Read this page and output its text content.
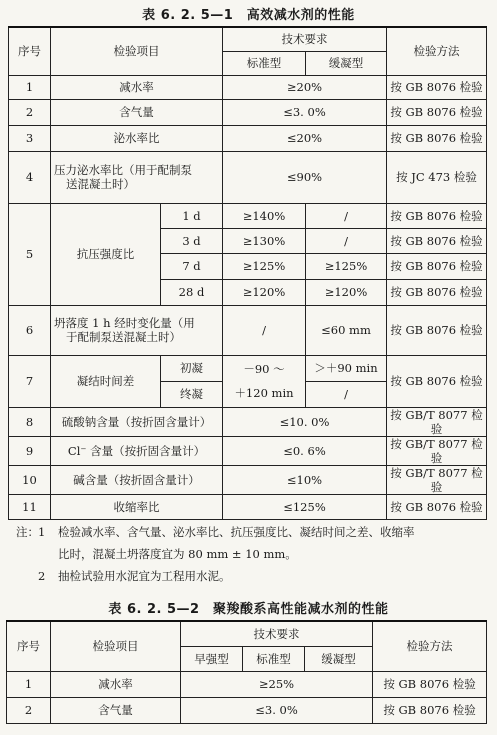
表 6. 2. 5—1　高效减水剂的性能
序号	检验项目		技术要求		检验方法
			标准型	缓凝型	
1	减水率		≥20%		按 GB 8076 检验
2	含气量		≤3. 0%		按 GB 8076 检验
3	泌水率比		≤20%		按 GB 8076 检验
4	压力泌水率比（用于配制泵
送混凝土时）		≤90%		按 JC 473 检验
5	抗压强度比	1 d	≥140%	/	按 GB 8076 检验
		3 d	≥130%	/	按 GB 8076 检验
		7 d	≥125%	≥125%	按 GB 8076 检验
		28 d	≥120%	≥120%	按 GB 8076 检验
6	坍落度 1 h 经时变化量（用
于配制泵送混凝土时）		/	≤60 mm	按 GB 8076 检验
7	凝结时间差	初凝	－90 ～
＋120 min	＞＋90 min	按 GB 8076 检验
		终凝		/	
8	硫酸钠含量（按折固含量计）		≤10. 0%		按 GB/T 8077 检验
9	Cl⁻ 含量（按折固含量计）		≤0. 6%		按 GB/T 8077 检验
10	碱含量（按折固含量计）		≤10%		按 GB/T 8077 检验
11	收缩率比		≤125%		按 GB 8076 检验
注： 1	检验减水率、含气量、泌水率比、抗压强度比、凝结时间之差、收缩率
比时，混凝土坍落度宜为 80 mm ± 10 mm。
2	抽检试验用水泥宜为工程用水泥。
表 6. 2. 5—2　聚羧酸系高性能减水剂的性能
序号	检验项目	技术要求			检验方法
		早强型	标准型	缓凝型	
1	减水率	≥25%			按 GB 8076 检验
2	含气量	≤3. 0%			按 GB 8076 检验
